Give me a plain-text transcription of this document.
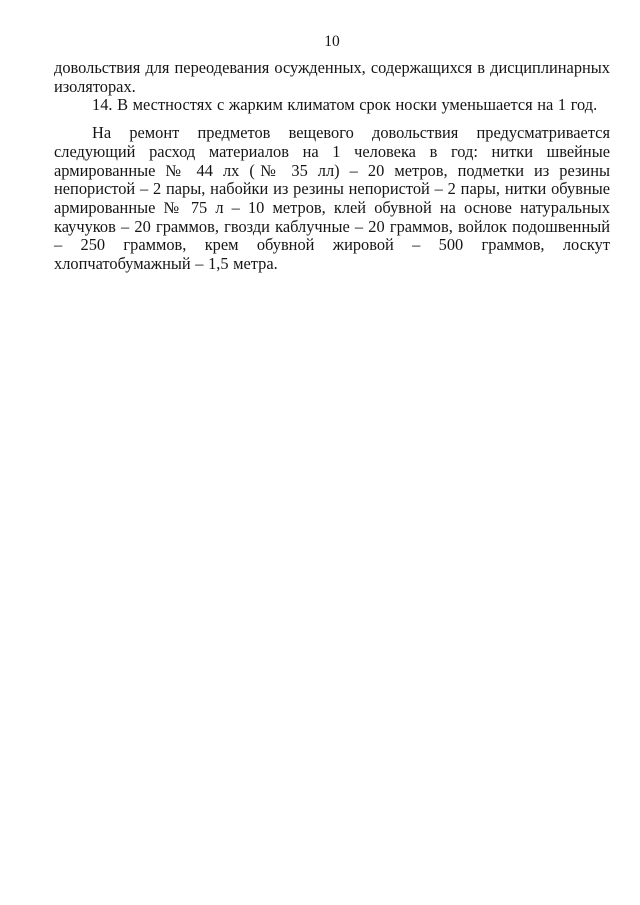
10

довольствия для переодевания осужденных, содержащихся в дисциплинарных изоляторах.

14. В местностях с жарким климатом срок носки уменьшается на 1 год.

На ремонт предметов вещевого довольствия предусматривается следующий расход материалов на 1 человека в год: нитки швейные армированные № 44 лх (№ 35 лл) – 20 метров, подметки из резины непористой – 2 пары, набойки из резины непористой – 2 пары, нитки обувные армированные № 75 л – 10 метров, клей обувной на основе натуральных каучуков – 20 граммов, гвозди каблучные – 20 граммов, войлок подошвенный – 250 граммов, крем обувной жировой – 500 граммов, лоскут хлопчатобумажный – 1,5 метра.
